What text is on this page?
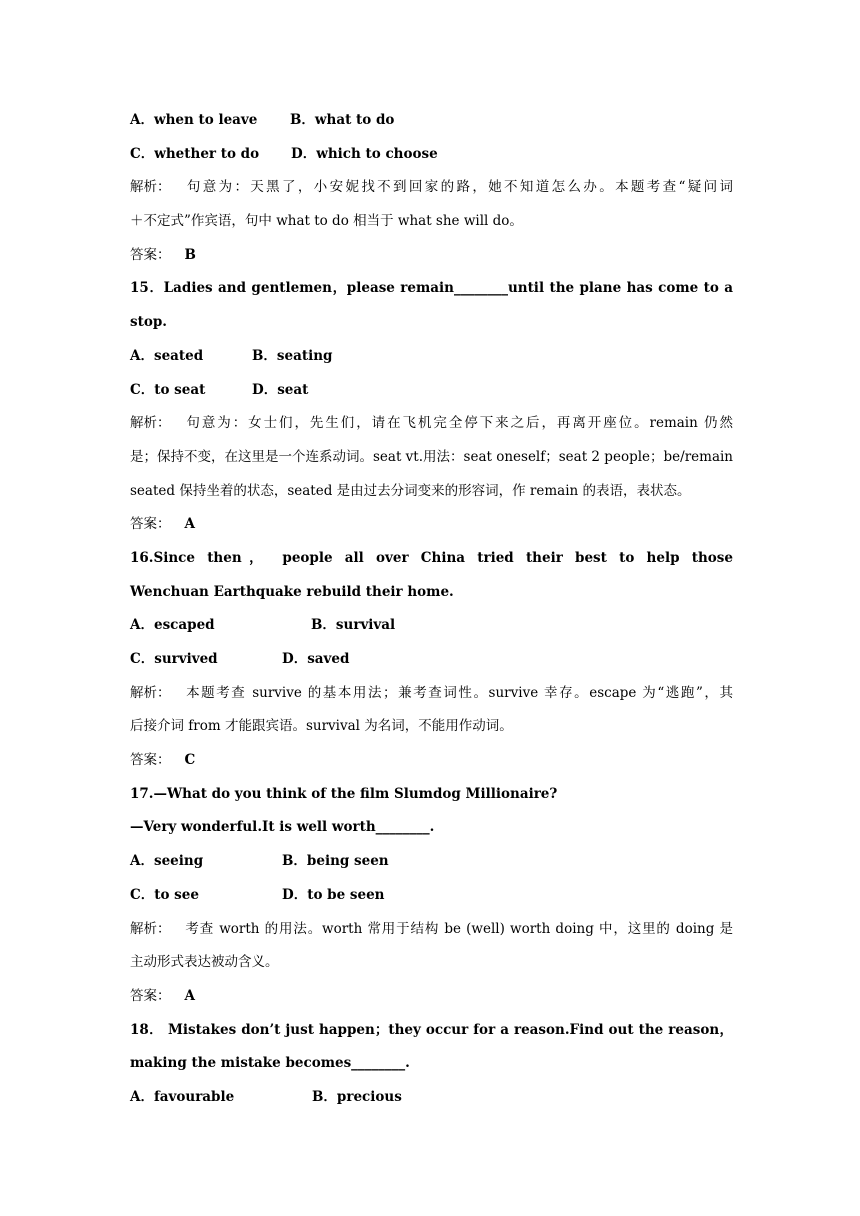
A．when to leave B．what to do
C．whether to do D．which to choose
解析： 句意为：天黑了，小安妮找不到回家的路，她不知道怎么办。本题考查“疑问词
＋不定式”作宾语，句中 what to do 相当于 what she will do。
答案： B
15．Ladies and gentlemen，please remain________until the plane has come to a
stop.
A．seated	B．seating
C．to seat	D．seat
解析： 句意为：女士们，先生们，请在飞机完全停下来之后，再离开座位。remain 仍然
是；保持不变，在这里是一个连系动词。seat vt.用法：seat oneself；seat 2 people；be/remain
seated 保持坐着的状态，seated 是由过去分词变来的形容词，作 remain 的表语，表状态。
答案： A
16.Since then， people all over China tried their best to help those
Wenchuan Earthquake rebuild their home.
A．escaped	B．survival
C．survived	D．saved
解析： 本题考查 survive 的基本用法；兼考查词性。survive 幸存。escape 为“逃跑”，其
后接介词 from 才能跟宾语。survival 为名词，不能用作动词。
答案： C
17.—What do you think of the film Slumdog Millionaire?
—Very wonderful.It is well worth________.
A．seeing	B．being seen
C．to see	D．to be seen
解析： 考查 worth 的用法。worth 常用于结构 be (well) worth doing 中，这里的 doing 是
主动形式表达被动含义。
答案： A
18． Mistakes don’t just happen；they occur for a reason.Find out the reason，
making the mistake becomes________.
A．favourable	B．precious
